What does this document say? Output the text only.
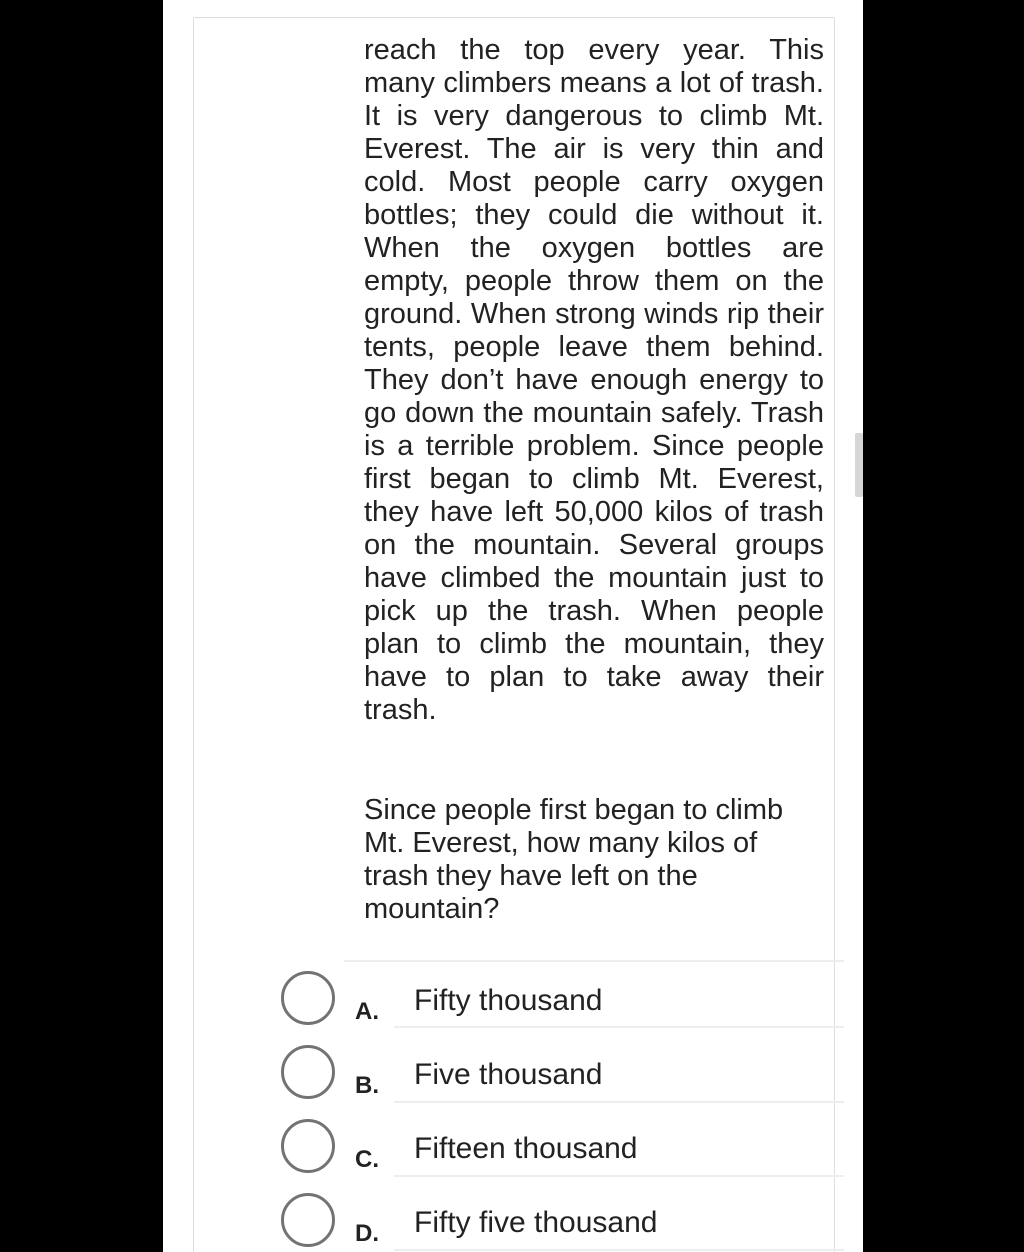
reach the top every year. This many climbers means a lot of trash. It is very dangerous to climb Mt. Everest. The air is very thin and cold. Most people carry oxygen bottles; they could die without it. When the oxygen bottles are empty, people throw them on the ground. When strong winds rip their tents, people leave them behind. They don’t have enough energy to go down the mountain safely. Trash is a terrible problem. Since people first began to climb Mt. Everest, they have left 50,000 kilos of trash on the mountain. Several groups have climbed the mountain just to pick up the trash. When people plan to climb the mountain, they have to plan to take away their trash.

Since people first began to climb Mt. Everest, how many kilos of trash they have left on the mountain?

A. Fifty thousand
B. Five thousand
C. Fifteen thousand
D. Fifty five thousand
